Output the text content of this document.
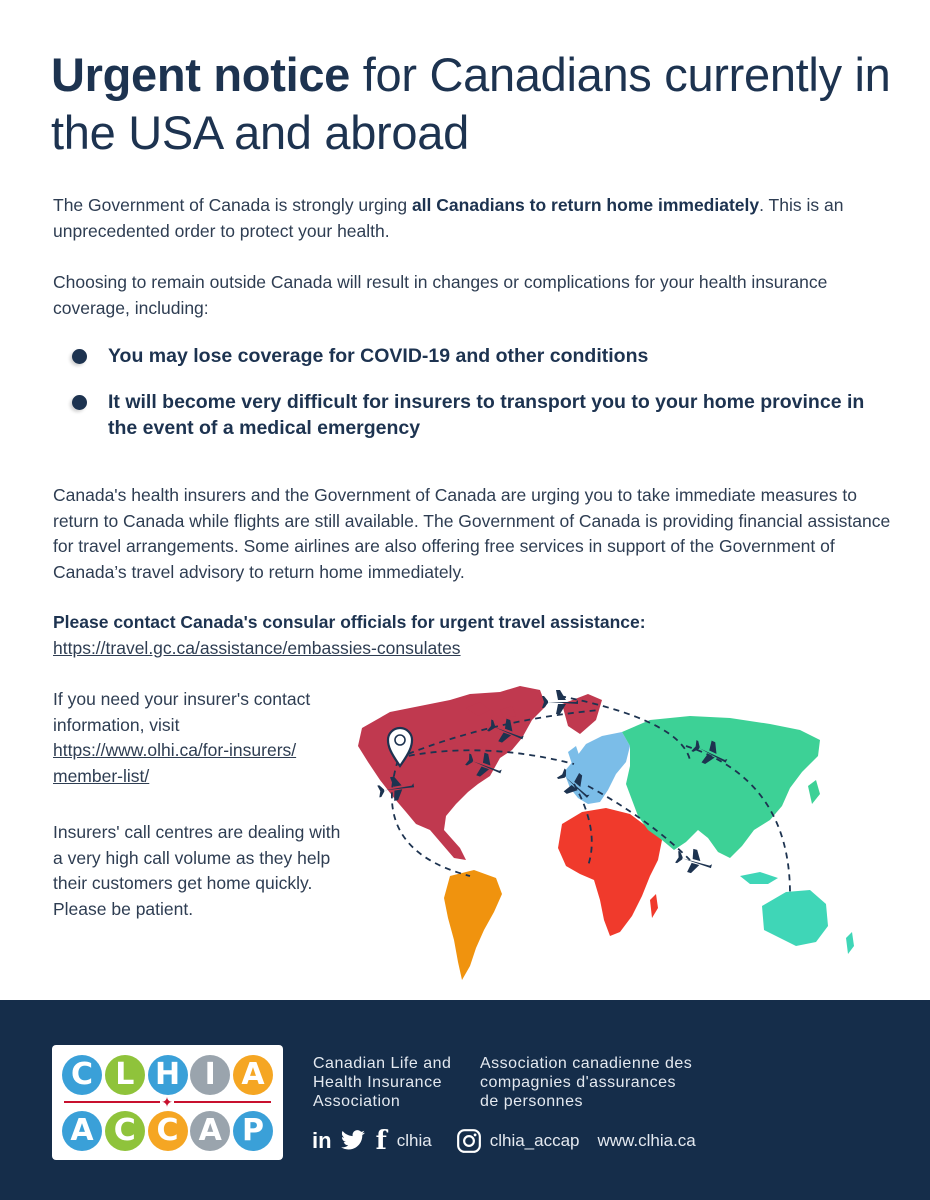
Urgent notice for Canadians currently in the USA and abroad

The Government of Canada is strongly urging all Canadians to return home immediately. This is an unprecedented order to protect your health.

Choosing to remain outside Canada will result in changes or complications for your health insurance coverage, including:

You may lose coverage for COVID-19 and other conditions
It will become very difficult for insurers to transport you to your home province in the event of a medical emergency

Canada's health insurers and the Government of Canada are urging you to take immediate measures to return to Canada while flights are still available. The Government of Canada is providing financial assistance for travel arrangements. Some airlines are also offering free services in support of the Government of Canada’s travel advisory to return home immediately.

Please contact Canada's consular officials for urgent travel assistance:
https://travel.gc.ca/assistance/embassies-consulates

If you need your insurer's contact information, visit
https://www.olhi.ca/for-insurers/
member-list/

Insurers' call centres are dealing with a very high call volume as they help their customers get home quickly. Please be patient.

C L H I A
✦
A C C A P
Canadian Life and
Health Insurance
Association
Association canadienne des
compagnies d'assurances
de personnes
in f clhia	clhia_accap www.clhia.ca
